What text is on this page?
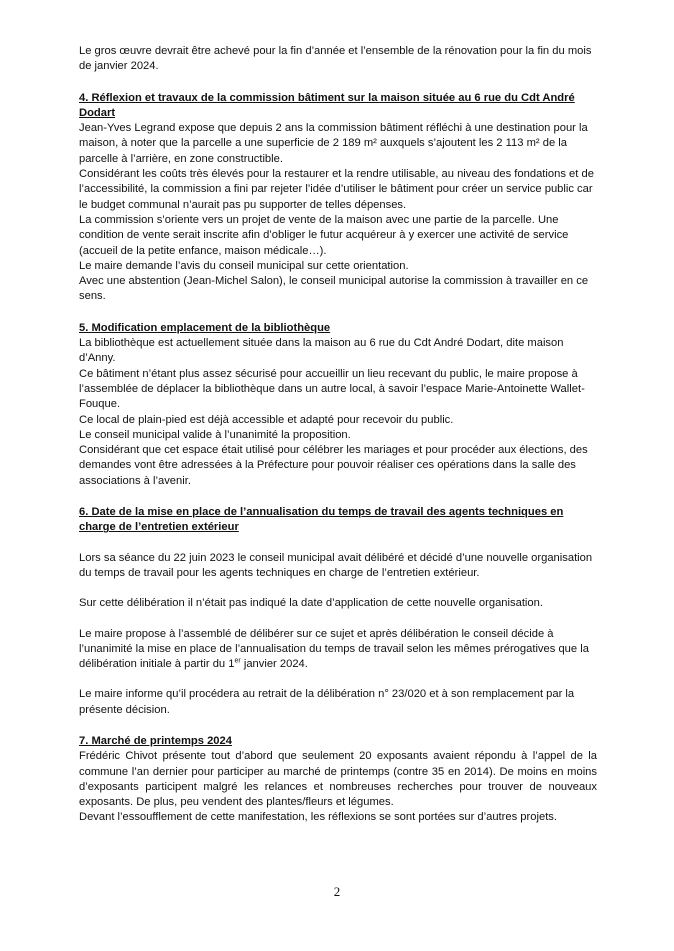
Le gros œuvre devrait être achevé pour la fin d’année et l’ensemble de la rénovation pour la fin du mois de janvier 2024.

4. Réflexion et travaux de la commission bâtiment sur la maison située au 6 rue du Cdt André Dodart

Jean-Yves Legrand expose que depuis 2 ans la commission bâtiment réfléchi à une destination pour la maison, à noter que la parcelle a une superficie de 2 189 m² auxquels s’ajoutent les 2 113 m² de la parcelle à l’arrière, en zone constructible.

Considérant les coûts très élevés pour la restaurer et la rendre utilisable, au niveau des fondations et de l’accessibilité, la commission a fini par rejeter l’idée d’utiliser le bâtiment pour créer un service public car le budget communal n’aurait pas pu supporter de telles dépenses.

La commission s’oriente vers un projet de vente de la maison avec une partie de la parcelle. Une condition de vente serait inscrite afin d’obliger le futur acquéreur à y exercer une activité de service (accueil de la petite enfance, maison médicale…).

Le maire demande l’avis du conseil municipal sur cette orientation.

Avec une abstention (Jean-Michel Salon), le conseil municipal autorise la commission à travailler en ce sens.

5. Modification emplacement de la bibliothèque

La bibliothèque est actuellement située dans la maison au 6 rue du Cdt André Dodart, dite maison d’Anny.

Ce bâtiment n’étant plus assez sécurisé pour accueillir un lieu recevant du public, le maire propose à l’assemblée de déplacer la bibliothèque dans un autre local, à savoir l’espace Marie-Antoinette Wallet-Fouque.

Ce local de plain-pied est déjà accessible et adapté pour recevoir du public.

Le conseil municipal valide à l’unanimité la proposition.

Considérant que cet espace était utilisé pour célébrer les mariages et pour procéder aux élections, des demandes vont être adressées à la Préfecture pour pouvoir réaliser ces opérations dans la salle des associations à l’avenir.

6. Date de la mise en place de l’annualisation du temps de travail des agents techniques en charge de l’entretien extérieur

Lors sa séance du 22 juin 2023 le conseil municipal avait délibéré et décidé d’une nouvelle organisation du temps de travail pour les agents techniques en charge de l’entretien extérieur.

Sur cette délibération il n’était pas indiqué la date d’application de cette nouvelle organisation.

Le maire propose à l’assemblé de délibérer sur ce sujet et après délibération le conseil décide à l’unanimité la mise en place de l’annualisation du temps de travail selon les mêmes prérogatives que la délibération initiale à partir du 1er janvier 2024.

Le maire informe qu’il procédera au retrait de la délibération n° 23/020 et à son remplacement par la présente décision.

7. Marché de printemps 2024

Frédéric Chivot présente tout d’abord que seulement 20 exposants avaient répondu à l’appel de la commune l’an dernier pour participer au marché de printemps (contre 35 en 2014). De moins en moins d’exposants participent malgré les relances et nombreuses recherches pour trouver de nouveaux exposants. De plus, peu vendent des plantes/fleurs et légumes.

Devant l’essoufflement de cette manifestation, les réflexions se sont portées sur d’autres projets.

2
